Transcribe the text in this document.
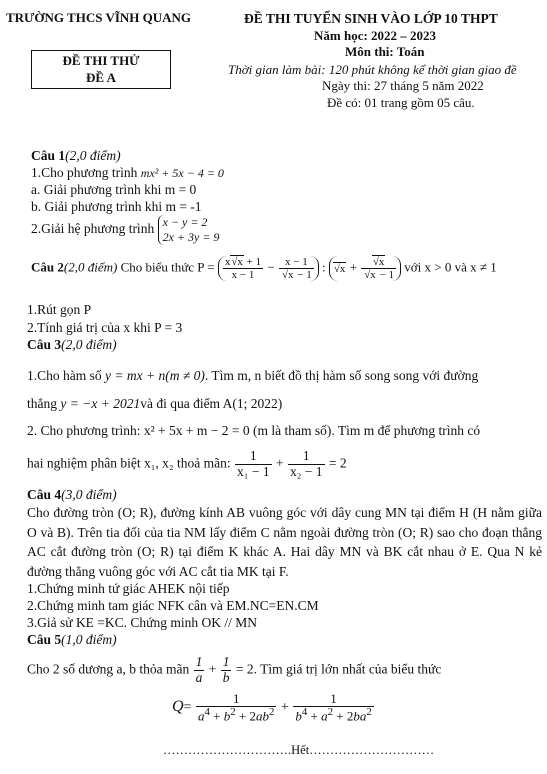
TRƯỜNG THCS VĨNH QUANG
ĐỀ THI THỬ
ĐỀ A
ĐỀ THI TUYỂN SINH VÀO LỚP 10 THPT
Năm học: 2022 – 2023
Môn thi: Toán
Thời gian làm bài: 120 phút không kể thời gian giao đề
Ngày thi: 27 tháng 5 năm 2022
Đề có: 01 trang gồm 05 câu.
Câu 1(2,0 điểm)
1.Cho phương trình mx² + 5x − 4 = 0
a. Giải phương trình khi m = 0
b. Giải phương trình khi m = -1
2.Giải hệ phương trình x − y = 2
2x + 3y = 9
Câu 2(2,0 điểm) Cho biểu thức $P = \frac{x√x + 1}{x - 1} - \frac{x - 1}{√x - 1}$ : $√x + \frac{√x}{√x - 1}$ với x > 0 và x ≠ 1
1.Rút gọn P
2.Tính giá trị của x khi P = 3
Câu 3(2,0 điểm)
1.Cho hàm số y = mx + n(m ≠ 0). Tìm m, n biết đồ thị hàm số song song với đường
thẳng y = −x + 2021và đi qua điểm A(1; 2022)
2. Cho phương trình: x² + 5x + m − 2 = 0 (m là tham số). Tìm m để phương trình có
hai nghiệm phân biệt x₁, x₂ thoả mãn: $\frac{1}{\text{x₁ − 1}} + \frac{1}{\text{x₂ − 1}} = 2$
Câu 4(3,0 điểm)
Cho đường tròn (O; R), đường kính AB vuông góc với dây cung MN tại điểm H (H nằm giữa O và B). Trên tia đối của tia NM lấy điểm C nằm ngoài đường tròn (O; R) sao cho đoạn thẳng AC cắt đường tròn (O; R) tại điểm K khác A. Hai dây MN và BK cắt nhau ở E. Qua N kẻ đường thẳng vuông góc với AC cắt tia MK tại F.
1.Chứng minh tứ giác AHEK nội tiếp
2.Chứng minh tam giác NFK cân và EM.NC=EN.CM
3.Giả sử KE =KC. Chứng minh OK // MN
Câu 5(1,0 điểm)
Cho 2 số dương a, b thỏa mãn $\frac{1}{a} + \frac{1}{b} = 2$. Tìm giá trị lớn nhất của biểu thức
$Q= \frac{1}{a^4 + b^2 + 2ab^2} + \frac{1}{b^4 + a^2 + 2ba^2}$
………………………….Hết…………………………
